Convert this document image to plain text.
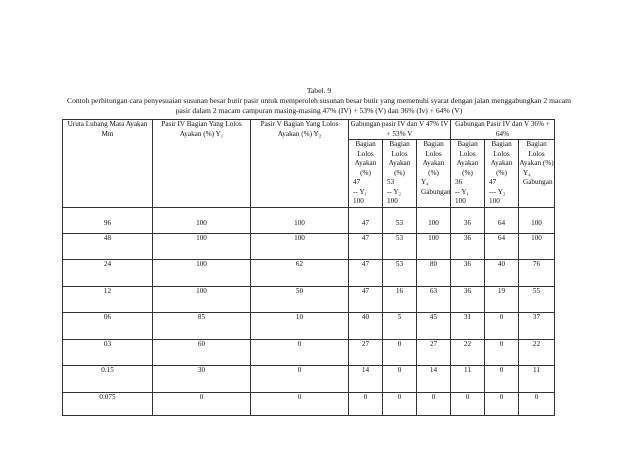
Tabel. 9
Contoh perhitungan cara penyesuaian susunan besar butir pasir untuk memperoleh susunan besar butir yang memenuhi syarat dengan jalan menggabungkan 2 macam pasir dalam 2 macam campuran masing-masing 47% (IV) + 53% (V) dan 36% (Iv) + 64% (V)
Uruta Lubang Mata Ayakan Mm	Pasir IV Bagian Yang Lolos Ayakan (%) Y₁	Pasir V Bagian Yang Lolos Ayakan (%) Y₂	Gabungan pasir IV dan V 47% IV + 53% V			Gabungan Pasir IV dan V 36% + 64%		

			Bagian Lolos Ayakan (%)
47
-- Y₁
100	Bagian Lolos Ayakan (%)
53
-- Y₂
100	Bagian Lolos Ayakan (%)
Y₄ Gabungan	Bagian Lolos Ayakan (%)
36
-- Y₁
100	Bagian Lolos Ayakan (%)
47
--- Y₂
100	Bagian Lolos Ayakan (%)
Y₄ Gabungan

96	100	100	47	53	100	36	64	100
48	100	100	47	53	100	36	64	100
24	100	62	47	53	80	36	40	76
12	100	50	47	16	63	36	19	55
06	85	10	40	5	45	31	0	37
03	60	0	27	0	27	22	0	22
0.15	30	0	14	0	14	11	0	11
0.075	0	0	0	0	0	0	0	0
